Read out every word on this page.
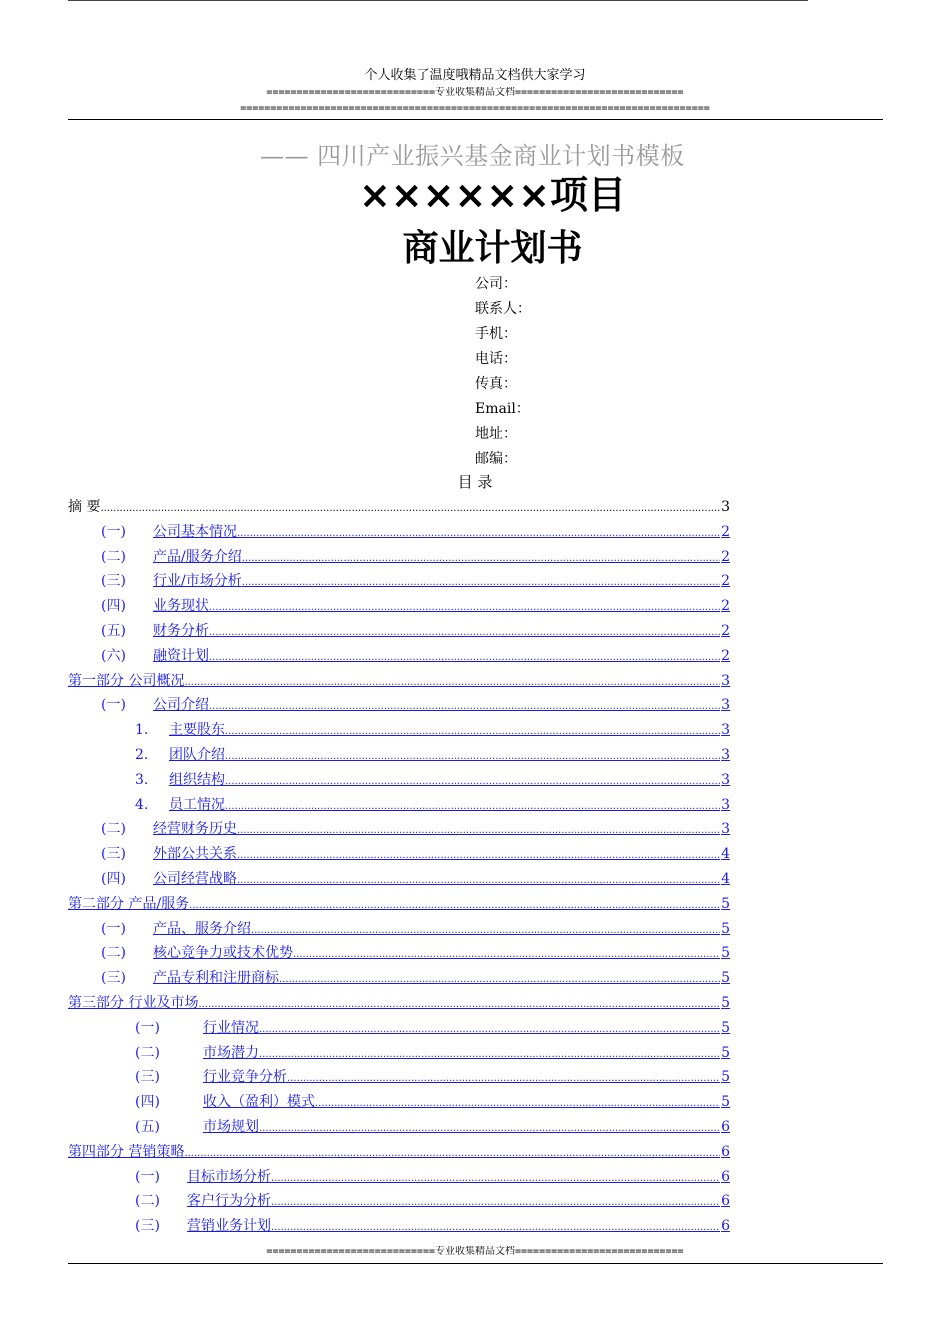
个人收集了温度哦精品文档供大家学习
============================专业收集精品文档============================
==============================================================================
—— 四川产业振兴基金商业计划书模板
××××××项目
商业计划书
公司：
联系人：
手机：
电话：
传真：
Email：
地址：
邮编：
目 录
摘 要 .....	3
(一) 公司基本情况 .....	2
(二) 产品/服务介绍 .....	2
(三) 行业/市场分析 .....	2
(四) 业务现状 .....	2
(五) 财务分析 .....	2
(六) 融资计划 .....	2
第一部分 公司概况 .....	3
(一) 公司介绍 .....	3
1. 主要股东 .....	3
2. 团队介绍 .....	3
3. 组织结构 .....	3
4. 员工情况 .....	3
(二) 经营财务历史 .....	3
(三) 外部公共关系 .....	4
(四) 公司经营战略 .....	4
第二部分 产品/服务 .....	5
(一) 产品、服务介绍 .....	5
(二) 核心竞争力或技术优势 .....	5
(三) 产品专利和注册商标 .....	5
第三部分 行业及市场 .....	5
(一)	行业情况 .....	5
(二)	市场潜力 .....	5
(三)	行业竞争分析 .....	5
(四)	收入（盈利）模式 .....	5
(五)	市场规划 .....	6
第四部分 营销策略 .....	6
(一) 目标市场分析 .....	6
(二) 客户行为分析 .....	6
(三) 营销业务计划 .....	6
============================专业收集精品文档============================
